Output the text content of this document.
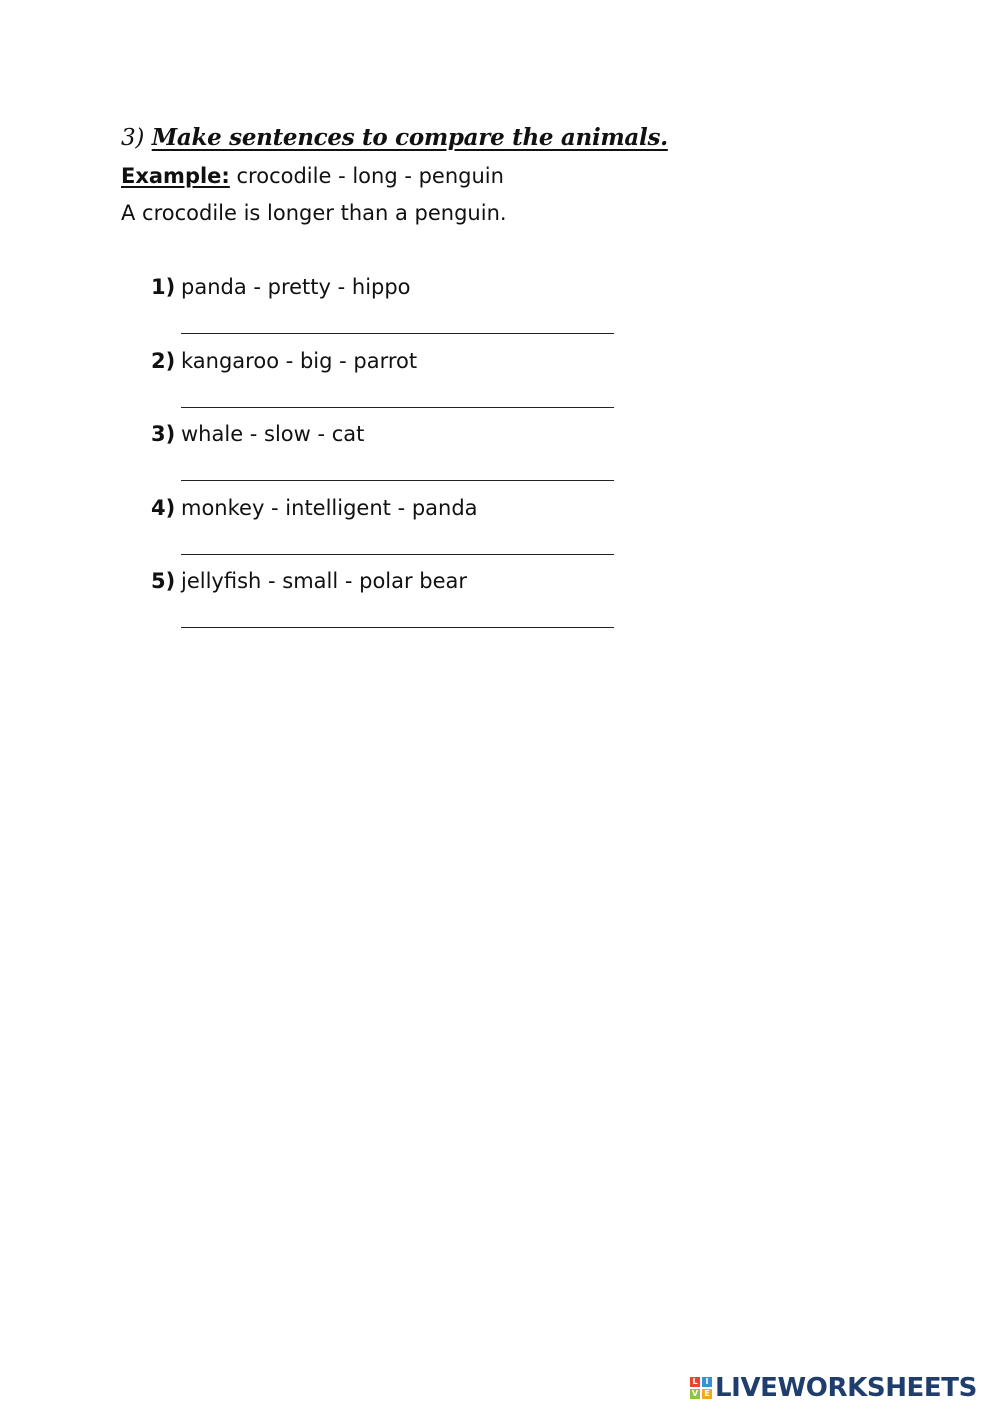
3) Make sentences to compare the animals.
Example: crocodile - long - penguin
A crocodile is longer than a penguin.
1) panda - pretty - hippo
2) kangaroo - big - parrot
3) whale - slow - cat
4) monkey - intelligent - panda
5) jellyfish - small - polar bear
L I
V E LIVEWORKSHEETS
